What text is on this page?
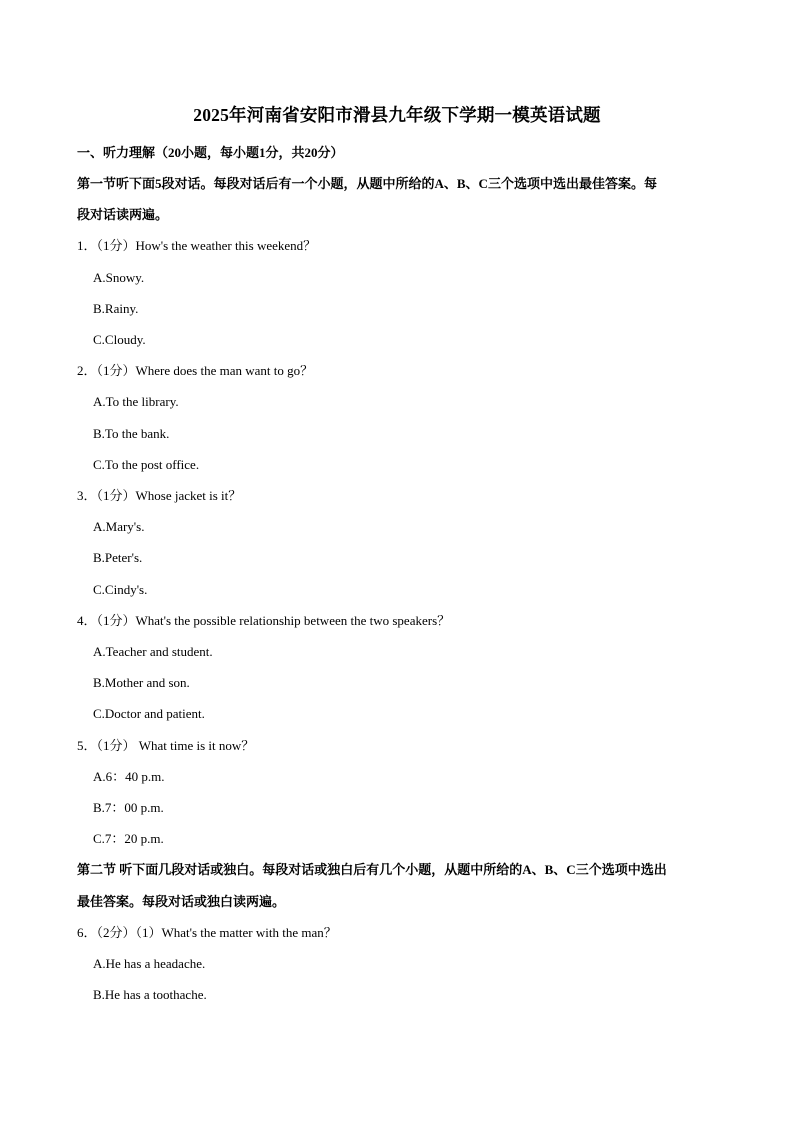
2025年河南省安阳市滑县九年级下学期一模英语试题
一、听力理解（20小题，每小题1分，共20分）
第一节听下面5段对话。每段对话后有一个小题，从题中所给的A、B、C三个选项中选出最佳答案。每
段对话读两遍。
1．（1分）How's the weather this weekend？
A.Snowy.
B.Rainy.
C.Cloudy.
2．（1分）Where does the man want to go？
A.To the library.
B.To the bank.
C.To the post office.
3．（1分）Whose jacket is it？
A.Mary's.
B.Peter's.
C.Cindy's.
4．（1分）What's the possible relationship between the two speakers？
A.Teacher and student.
B.Mother and son.
C.Doctor and patient.
5．（1分） What time is it now？
A.6：40 p.m.
B.7：00 p.m.
C.7：20 p.m.
第二节 听下面几段对话或独白。每段对话或独白后有几个小题，从题中所给的A、B、C三个选项中选出
最佳答案。每段对话或独白读两遍。
6．（2分）（1）What's the matter with the man？
A.He has a headache.
B.He has a toothache.
